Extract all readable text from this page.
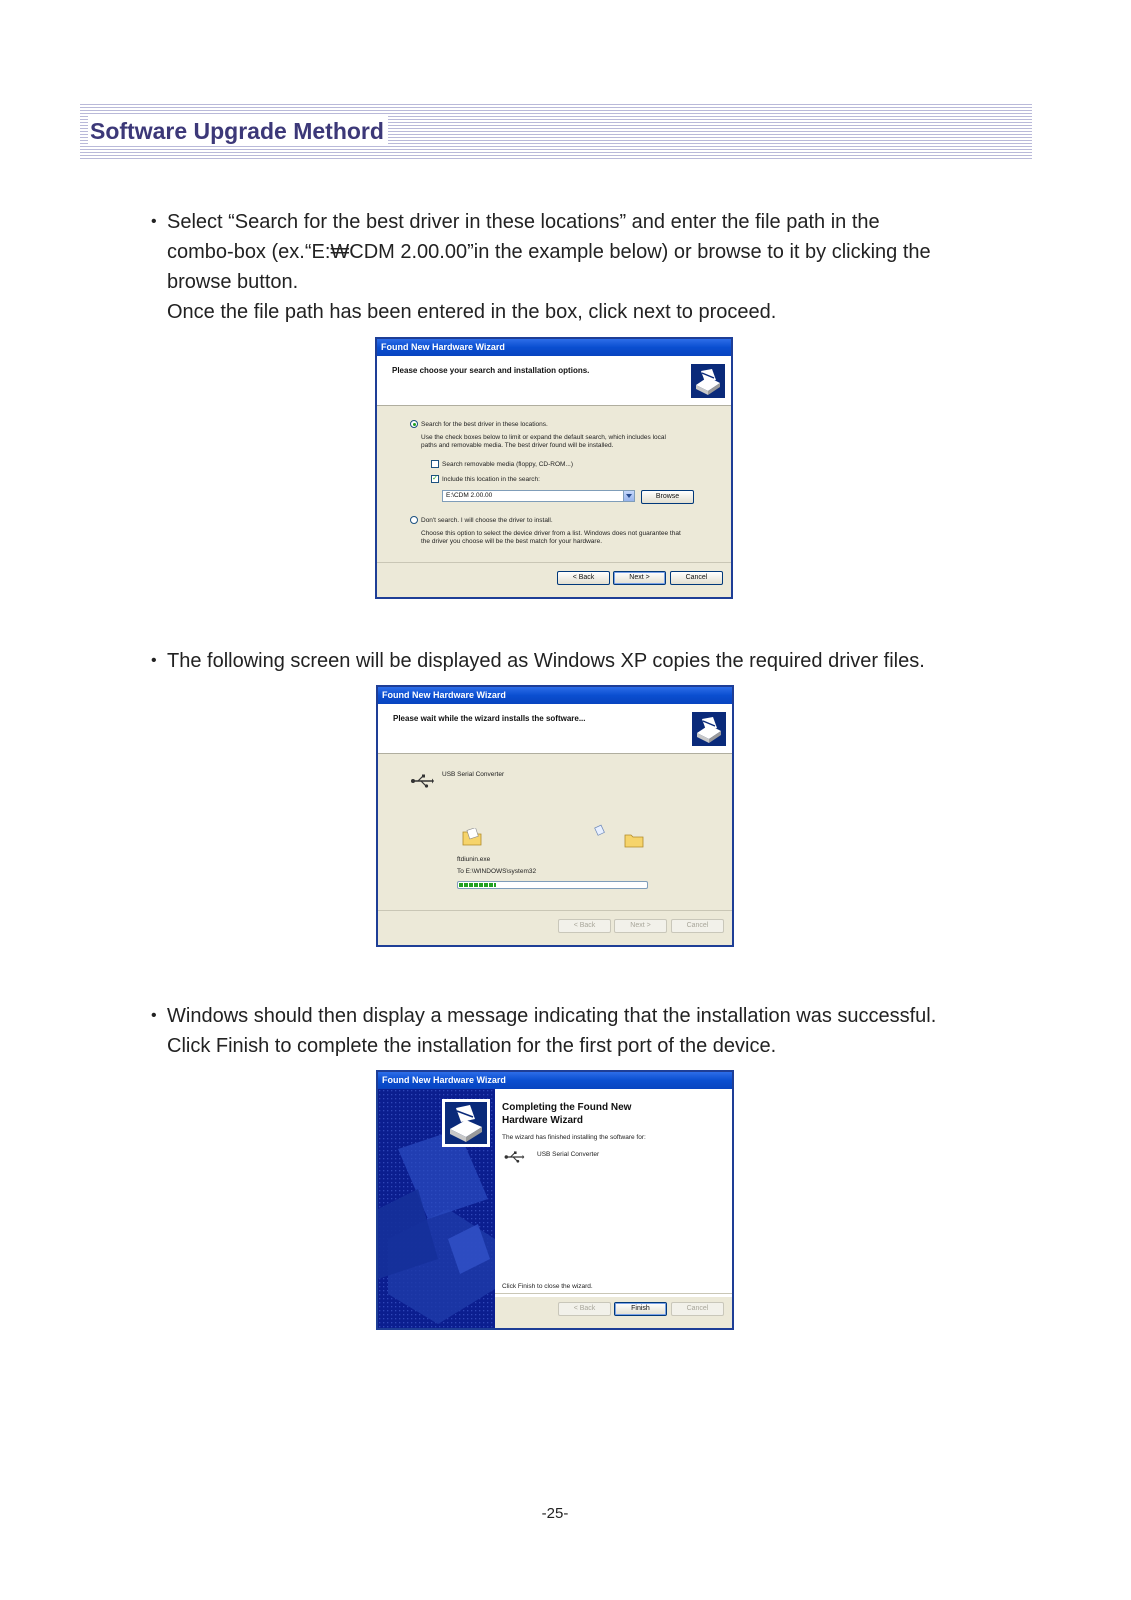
Software Upgrade Methord
• Select “Search for the best driver in these locations” and enter the file path in the
combo-box (ex.“E:₩CDM 2.00.00”in the example below) or browse to it by clicking the
browse button.
Once the file path has been entered in the box, click next to proceed.
Found New Hardware Wizard
Please choose your search and installation options.
Search for the best driver in these locations.
Use the check boxes below to limit or expand the default search, which includes local
paths and removable media. The best driver found will be installed.
Search removable media (floppy, CD-ROM...)
✓ Include this location in the search:
E:\CDM 2.00.00	Browse
Don't search. I will choose the driver to install.
Choose this option to select the device driver from a list. Windows does not guarantee that
the driver you choose will be the best match for your hardware.
< Back	Next >	Cancel
• The following screen will be displayed as Windows XP copies the required driver files.
Found New Hardware Wizard
Please wait while the wizard installs the software...
USB Serial Converter
ftdiunin.exe
To E:\WINDOWS\system32
< Back	Next >	Cancel
• Windows should then display a message indicating that the installation was successful.
Click Finish to complete the installation for the first port of the device.
Found New Hardware Wizard
Completing the Found New
Hardware Wizard
The wizard has finished installing the software for:
USB Serial Converter
Click Finish to close the wizard.
< Back	Finish	Cancel
-25-
